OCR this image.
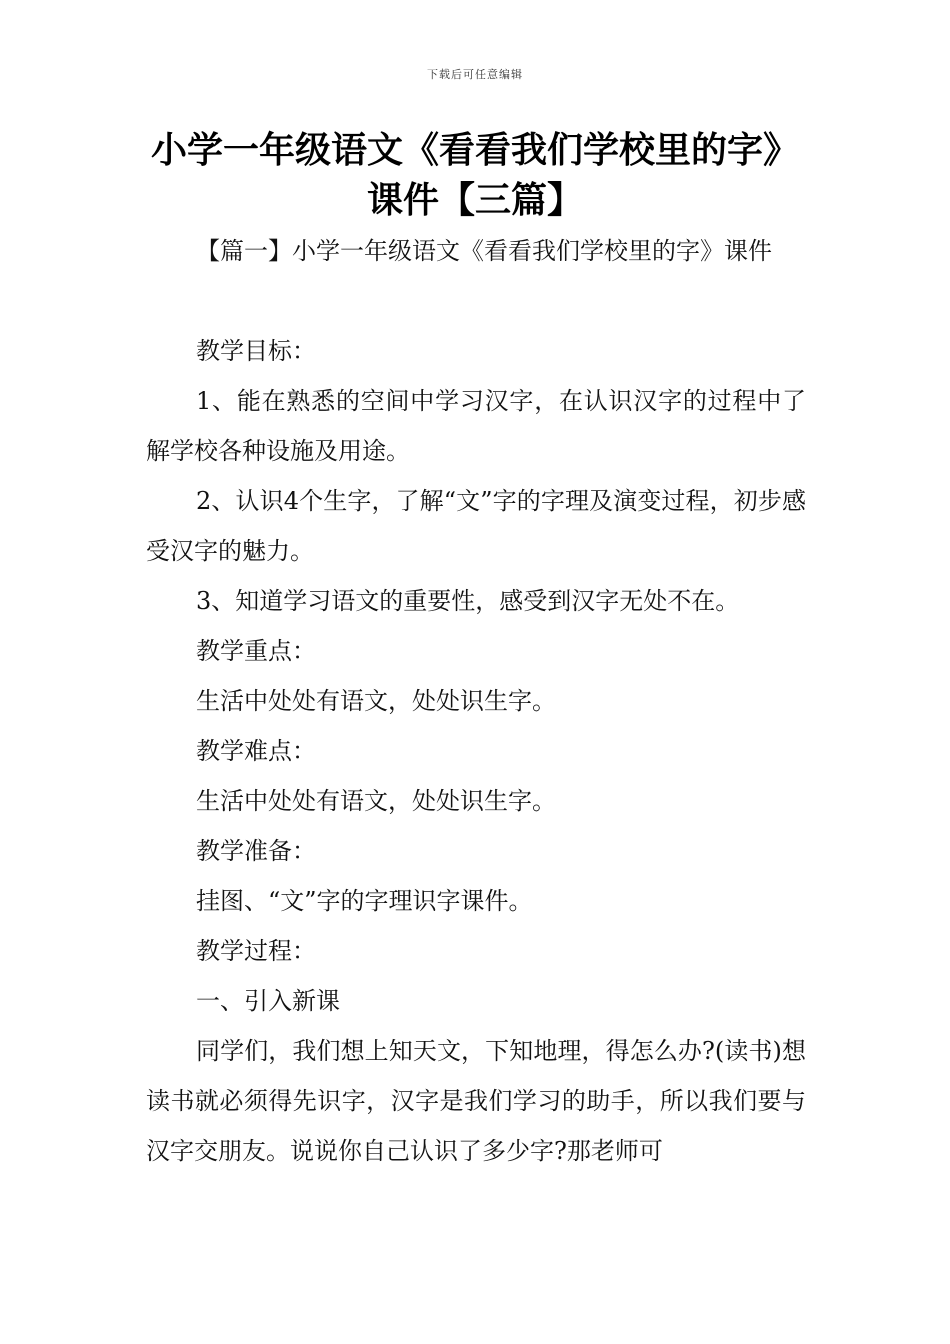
下载后可任意编辑
小学一年级语文《看看我们学校里的字》
课件【三篇】

【篇一】小学一年级语文《看看我们学校里的字》课件

教学目标：

1、能在熟悉的空间中学习汉字，在认识汉字的过程中了解学校各种设施及用途。

2、认识4个生字，了解“文”字的字理及演变过程，初步感受汉字的魅力。

3、知道学习语文的重要性，感受到汉字无处不在。

教学重点：

生活中处处有语文，处处识生字。

教学难点：

生活中处处有语文，处处识生字。

教学准备：

挂图、“文”字的字理识字课件。

教学过程：

一、引入新课

同学们，我们想上知天文，下知地理，得怎么办?(读书)想读书就必须得先识字，汉字是我们学习的助手，所以我们要与汉字交朋友。说说你自己认识了多少字?那老师可
